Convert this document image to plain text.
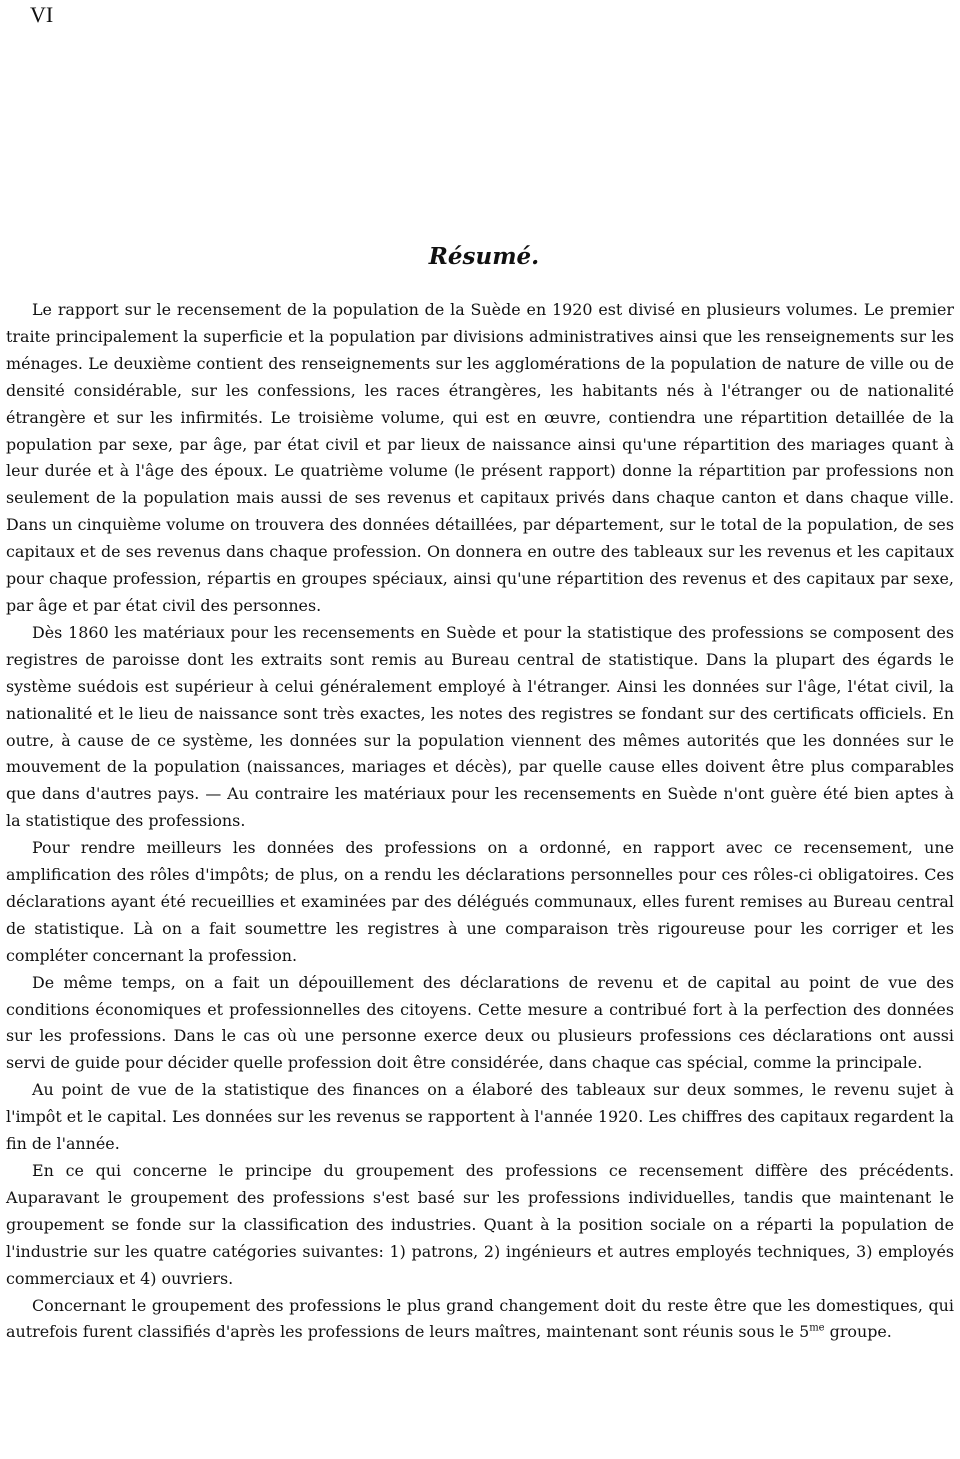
VI
Résumé.

Le rapport sur le recensement de la population de la Suède en 1920 est divisé en plusieurs volumes. Le premier traite principalement la superficie et la population par divisions administratives ainsi que les renseignements sur les ménages. Le deuxième contient des renseignements sur les agglomérations de la population de nature de ville ou de densité considérable, sur les confessions, les races étrangères, les habitants nés à l'étranger ou de nationalité étrangère et sur les infirmités. Le troisième volume, qui est en œuvre, contiendra une répartition detaillée de la population par sexe, par âge, par état civil et par lieux de naissance ainsi qu'une répartition des mariages quant à leur durée et à l'âge des époux. Le quatrième volume (le présent rapport) donne la répartition par professions non seulement de la population mais aussi de ses revenus et capitaux privés dans chaque canton et dans chaque ville. Dans un cinquième volume on trouvera des données détaillées, par département, sur le total de la population, de ses capitaux et de ses revenus dans chaque profession. On donnera en outre des tableaux sur les revenus et les capitaux pour chaque profession, répartis en groupes spéciaux, ainsi qu'une répartition des revenus et des capitaux par sexe, par âge et par état civil des personnes.

Dès 1860 les matériaux pour les recensements en Suède et pour la statistique des professions se composent des registres de paroisse dont les extraits sont remis au Bureau central de statistique. Dans la plupart des égards le système suédois est supérieur à celui généralement employé à l'étranger. Ainsi les données sur l'âge, l'état civil, la nationalité et le lieu de naissance sont très exactes, les notes des registres se fondant sur des certificats officiels. En outre, à cause de ce système, les données sur la population viennent des mêmes autorités que les données sur le mouvement de la population (naissances, mariages et décès), par quelle cause elles doivent être plus comparables que dans d'autres pays. — Au contraire les matériaux pour les recensements en Suède n'ont guère été bien aptes à la statistique des professions.

Pour rendre meilleurs les données des professions on a ordonné, en rapport avec ce recensement, une amplification des rôles d'impôts; de plus, on a rendu les déclarations personnelles pour ces rôles-ci obligatoires. Ces déclarations ayant été recueillies et examinées par des délégués communaux, elles furent remises au Bureau central de statistique. Là on a fait soumettre les registres à une comparaison très rigoureuse pour les corriger et les compléter concernant la profession.

De même temps, on a fait un dépouillement des déclarations de revenu et de capital au point de vue des conditions économiques et professionnelles des citoyens. Cette mesure a contribué fort à la perfection des données sur les professions. Dans le cas où une personne exerce deux ou plusieurs professions ces déclarations ont aussi servi de guide pour décider quelle profession doit être considérée, dans chaque cas spécial, comme la principale.

Au point de vue de la statistique des finances on a élaboré des tableaux sur deux sommes, le revenu sujet à l'impôt et le capital. Les données sur les revenus se rapportent à l'année 1920. Les chiffres des capitaux regardent la fin de l'année.

En ce qui concerne le principe du groupement des professions ce recensement diffère des précédents. Auparavant le groupement des professions s'est basé sur les professions individuelles, tandis que maintenant le groupement se fonde sur la classification des industries. Quant à la position sociale on a réparti la population de l'industrie sur les quatre catégories suivantes: 1) patrons, 2) ingénieurs et autres employés techniques, 3) employés commerciaux et 4) ouvriers.

Concernant le groupement des professions le plus grand changement doit du reste être que les domestiques, qui autrefois furent classifiés d'après les professions de leurs maîtres, maintenant sont réunis sous le $5^{me}$ groupe.
